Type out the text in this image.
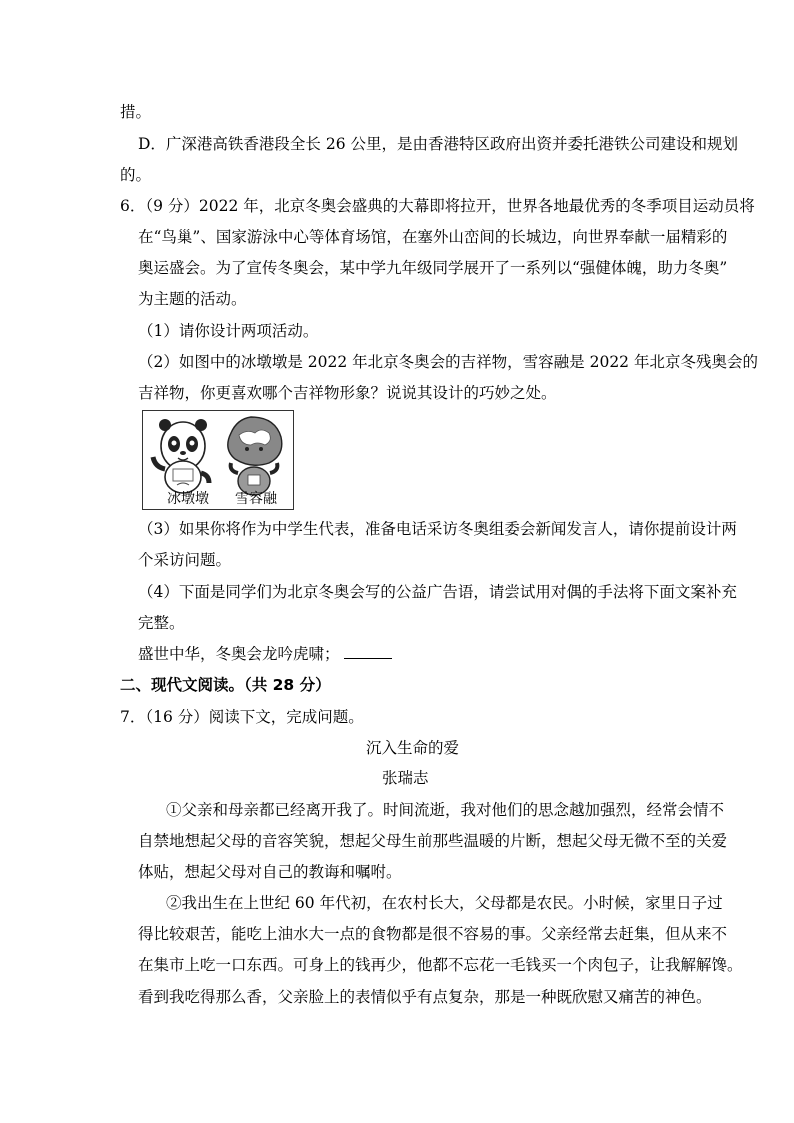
措。
D．广深港高铁香港段全长 26 公里，是由香港特区政府出资并委托港铁公司建设和规划
的。
6．（9 分）2022 年，北京冬奥会盛典的大幕即将拉开，世界各地最优秀的冬季项目运动员将
在“鸟巢”、国家游泳中心等体育场馆，在塞外山峦间的长城边，向世界奉献一届精彩的
奥运盛会。为了宣传冬奥会，某中学九年级同学展开了一系列以“强健体魄，助力冬奥”
为主题的活动。
（1）请你设计两项活动。
（2）如图中的冰墩墩是 2022 年北京冬奥会的吉祥物，雪容融是 2022 年北京冬残奥会的
吉祥物，你更喜欢哪个吉祥物形象？说说其设计的巧妙之处。
冰墩墩 雪容融
（3）如果你将作为中学生代表，准备电话采访冬奥组委会新闻发言人，请你提前设计两
个采访问题。
（4）下面是同学们为北京冬奥会写的公益广告语，请尝试用对偶的手法将下面文案补充
完整。
盛世中华，冬奥会龙吟虎啸；
二、现代文阅读。（共 28 分）
7．（16 分）阅读下文，完成问题。
沉入生命的爱
张瑞志
①父亲和母亲都已经离开我了。时间流逝，我对他们的思念越加强烈，经常会情不
自禁地想起父母的音容笑貌，想起父母生前那些温暖的片断，想起父母无微不至的关爱
体贴，想起父母对自己的教诲和嘱咐。
②我出生在上世纪 60 年代初，在农村长大，父母都是农民。小时候，家里日子过
得比较艰苦，能吃上油水大一点的食物都是很不容易的事。父亲经常去赶集，但从来不
在集市上吃一口东西。可身上的钱再少，他都不忘花一毛钱买一个肉包子，让我解解馋。
看到我吃得那么香，父亲脸上的表情似乎有点复杂，那是一种既欣慰又痛苦的神色。
